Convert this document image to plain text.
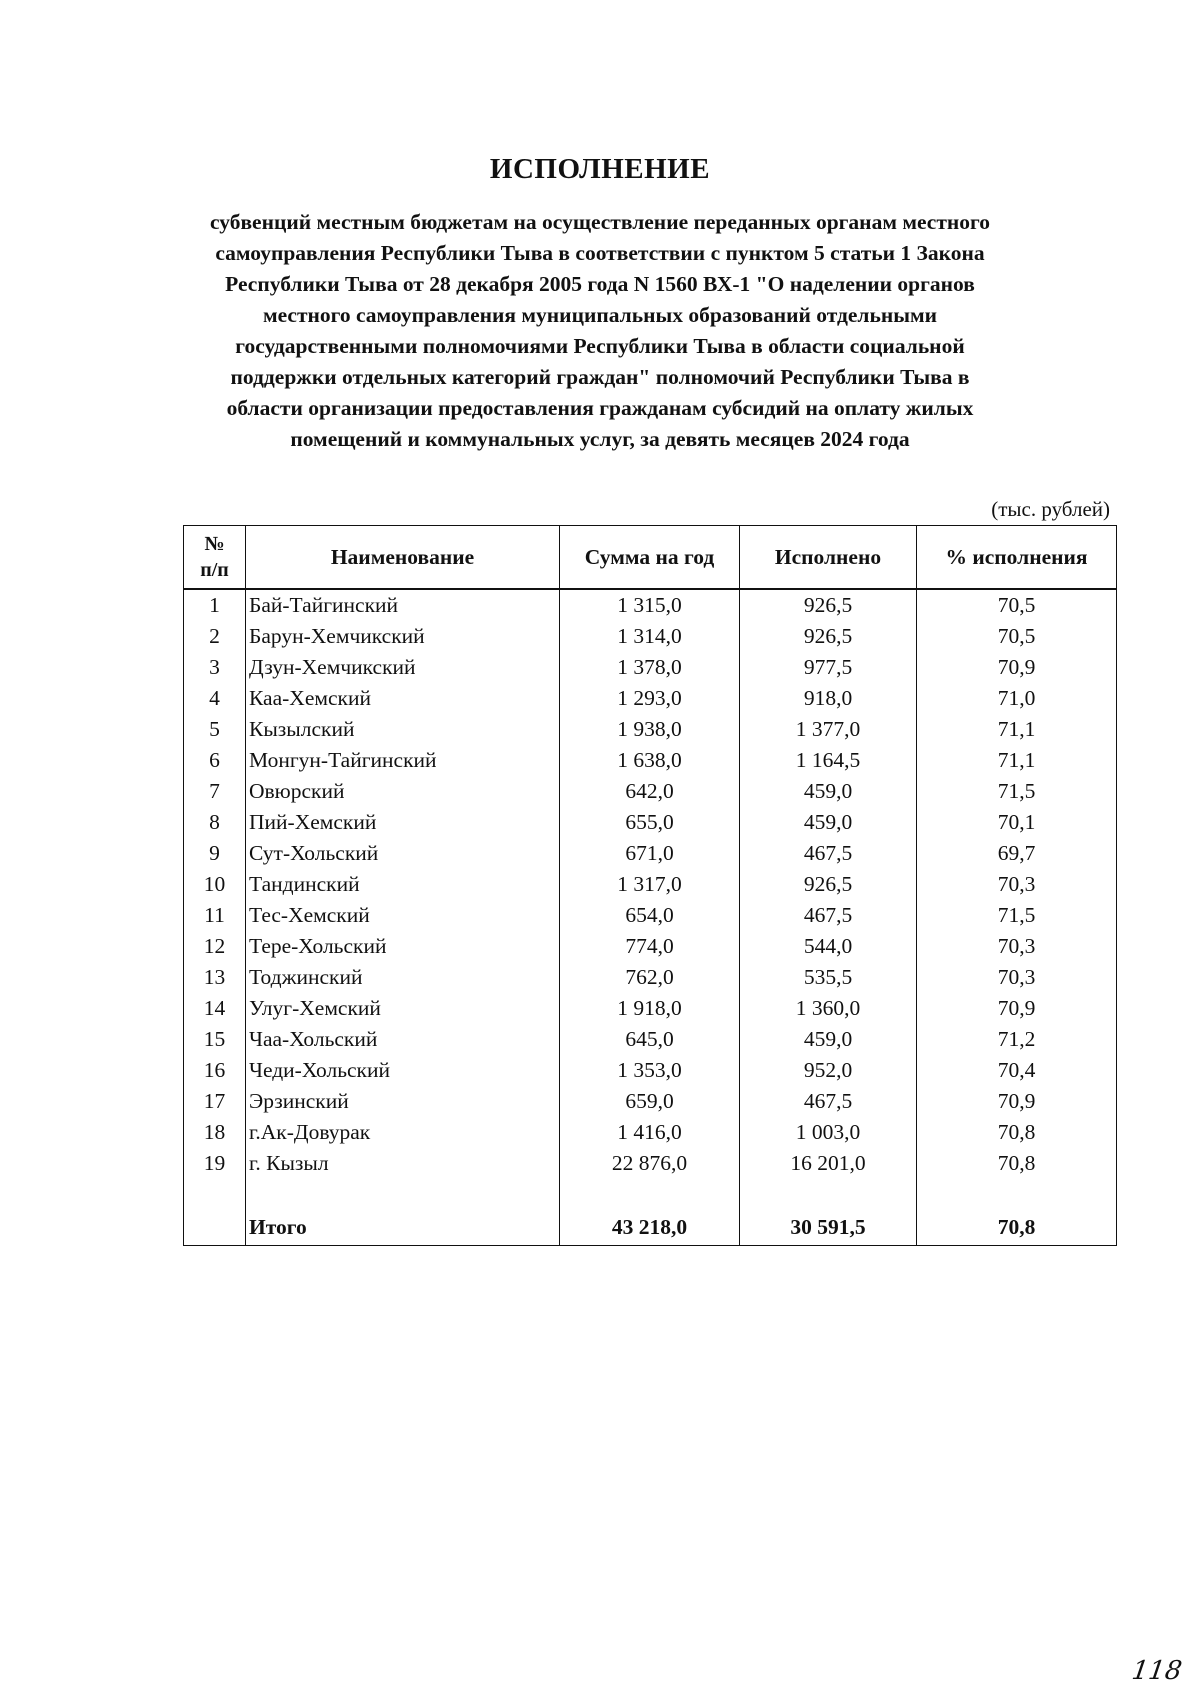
ИСПОЛНЕНИЕ
субвенций местным бюджетам на осуществление переданных органам местного
самоуправления Республики Тыва в соответствии с пунктом 5 статьи 1 Закона
Республики Тыва от 28 декабря 2005 года N 1560 ВХ-1 "О наделении органов
местного самоуправления муниципальных образований отдельными
государственными полномочиями Республики Тыва в области социальной
поддержки отдельных категорий граждан" полномочий Республики Тыва в
области организации предоставления гражданам субсидий на оплату жилых
помещений и коммунальных услуг, за девять месяцев 2024 года
(тыс. рублей)
№
п/п	Наименование	Сумма на год	Исполнено	% исполнения
1	Бай-Тайгинский	1 315,0	926,5	70,5
2	Барун-Хемчикский	1 314,0	926,5	70,5
3	Дзун-Хемчикский	1 378,0	977,5	70,9
4	Каа-Хемский	1 293,0	918,0	71,0
5	Кызылский	1 938,0	1 377,0	71,1
6	Монгун-Тайгинский	1 638,0	1 164,5	71,1
7	Овюрский	642,0	459,0	71,5
8	Пий-Хемский	655,0	459,0	70,1
9	Сут-Хольский	671,0	467,5	69,7
10	Тандинский	1 317,0	926,5	70,3
11	Тес-Хемский	654,0	467,5	71,5
12	Тере-Хольский	774,0	544,0	70,3
13	Тоджинский	762,0	535,5	70,3
14	Улуг-Хемский	1 918,0	1 360,0	70,9
15	Чаа-Хольский	645,0	459,0	71,2
16	Чеди-Хольский	1 353,0	952,0	70,4
17	Эрзинский	659,0	467,5	70,9
18	г.Ак-Довурак	1 416,0	1 003,0	70,8
19	г. Кызыл	22 876,0	16 201,0	70,8

	Итого	43 218,0	30 591,5	70,8
118
